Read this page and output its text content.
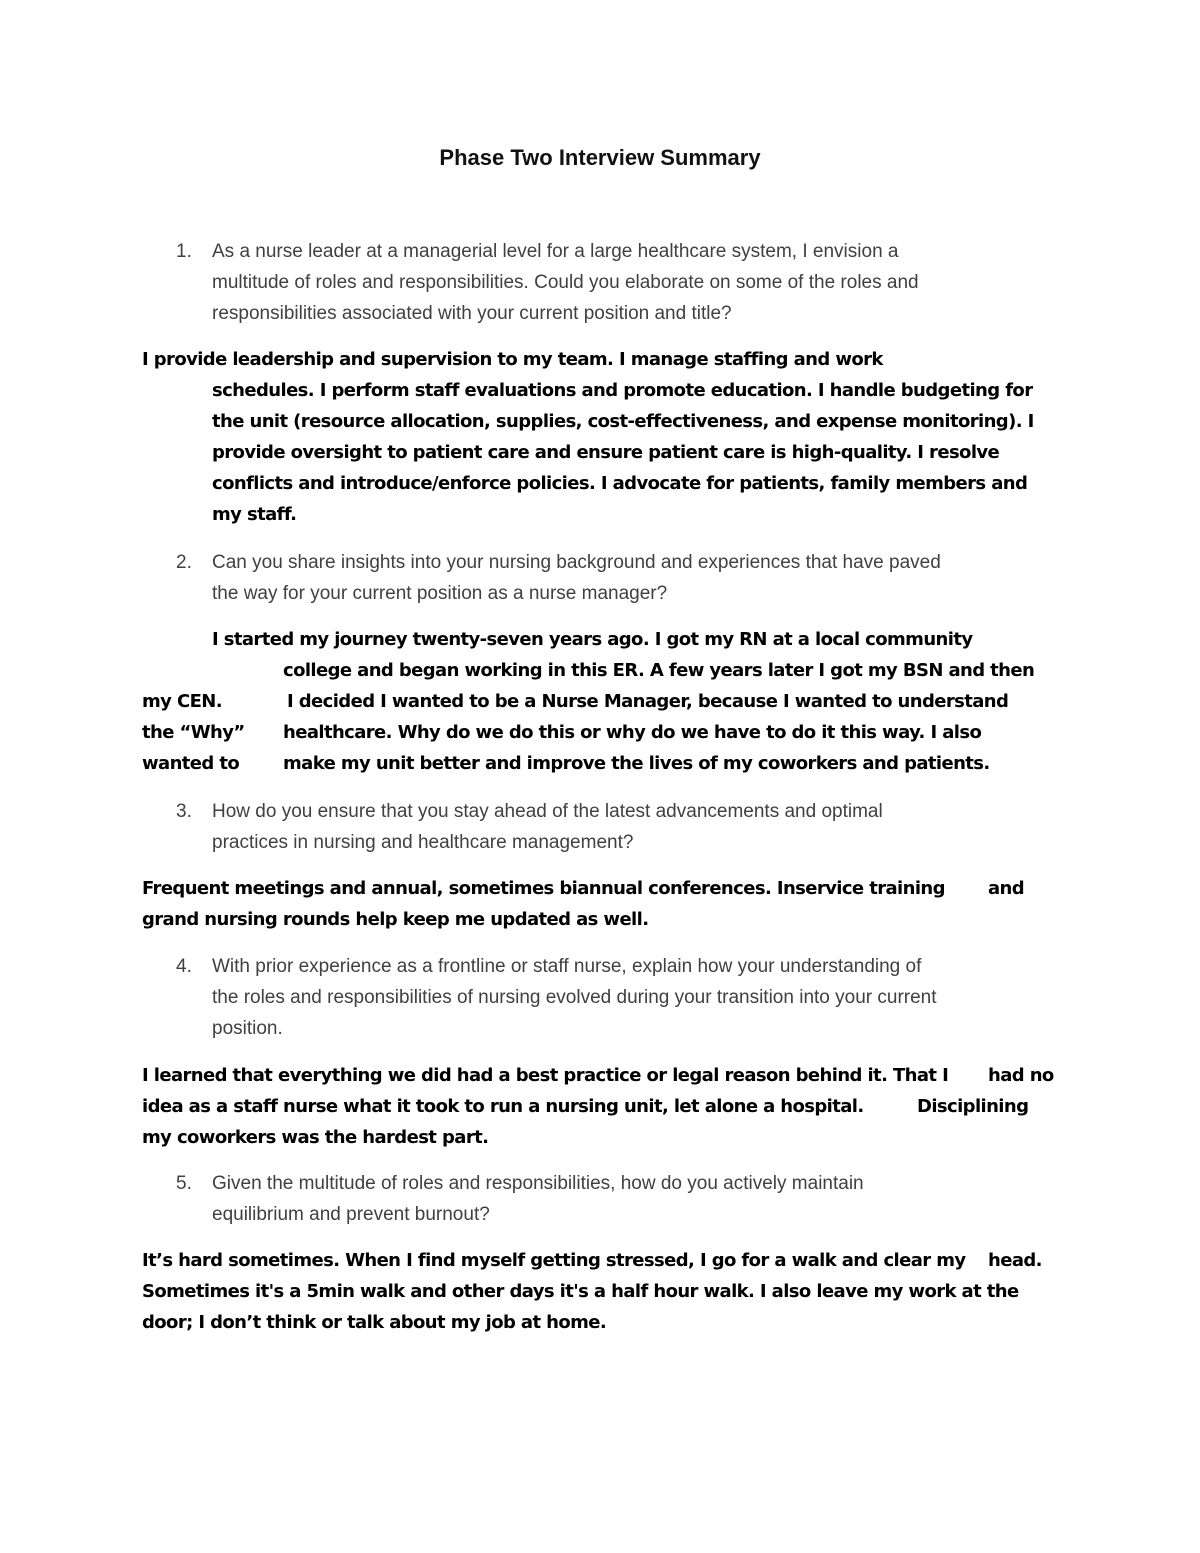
Phase Two Interview Summary
1. As a nurse leader at a managerial level for a large healthcare system, I envision a
multitude of roles and responsibilities. Could you elaborate on some of the roles and
responsibilities associated with your current position and title?
I provide leadership and supervision to my team. I manage staffing and work
schedules. I perform staff evaluations and promote education. I handle budgeting for
the unit (resource allocation, supplies, cost-effectiveness, and expense monitoring). I
provide oversight to patient care and ensure patient care is high-quality. I resolve
conflicts and introduce/enforce policies. I advocate for patients, family members and
my staff.
2. Can you share insights into your nursing background and experiences that have paved
the way for your current position as a nurse manager?
I started my journey twenty-seven years ago. I got my RN at a local community
college and began working in this ER. A few years later I got my BSN and then
my CEN.	I decided I wanted to be a Nurse Manager, because I wanted to understand
the “Why” healthcare. Why do we do this or why do we have to do it this way. I also
wanted to make my unit better and improve the lives of my coworkers and patients.
3. How do you ensure that you stay ahead of the latest advancements and optimal
practices in nursing and healthcare management?
Frequent meetings and annual, sometimes biannual conferences. Inservice training and
grand nursing rounds help keep me updated as well.
4. With prior experience as a frontline or staff nurse, explain how your understanding of
the roles and responsibilities of nursing evolved during your transition into your current
position.
I learned that everything we did had a best practice or legal reason behind it. That I had no
idea as a staff nurse what it took to run a nursing unit, let alone a hospital.	Disciplining
my coworkers was the hardest part.
5. Given the multitude of roles and responsibilities, how do you actively maintain
equilibrium and prevent burnout?
It’s hard sometimes. When I find myself getting stressed, I go for a walk and clear my head.
Sometimes it's a 5min walk and other days it's a half hour walk. I also leave my work at the
door; I don’t think or talk about my job at home.
